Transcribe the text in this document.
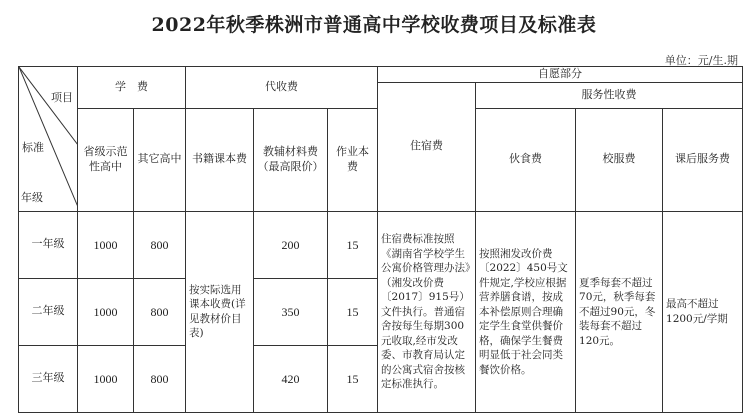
2022年秋季株洲市普通高中学校收费项目及标准表
单位：元/生.期
项目
标准
年级	学　费		代收费			自愿部分			
						住宿费	服务性收费		
	省级示范性高中	其它高中	书籍课本费	教辅材料费（最高限价）	作业本费		伙食费	校服费	课后服务费
一年级	1000	800	按实际选用课本收费(详见教材价目表)	200	15	住宿费标准按照《湖南省学校学生公寓价格管理办法》（湘发改价费〔2017〕915号）文件执行。普通宿舍按每生每期300元收取,经市发改委、市教育局认定的公寓式宿舍按核定标准执行。	按照湘发改价费〔2022〕450号文件规定,学校应根据营养膳食谱，按成本补偿原则合理确定学生食堂供餐价格，确保学生餐费明显低于社会同类餐饮价格。	夏季每套不超过70元，秋季每套不超过90元，冬装每套不超过120元。	最高不超过1200元/学期
二年级	1000	800		350	15				
三年级	1000	800		420	15				
